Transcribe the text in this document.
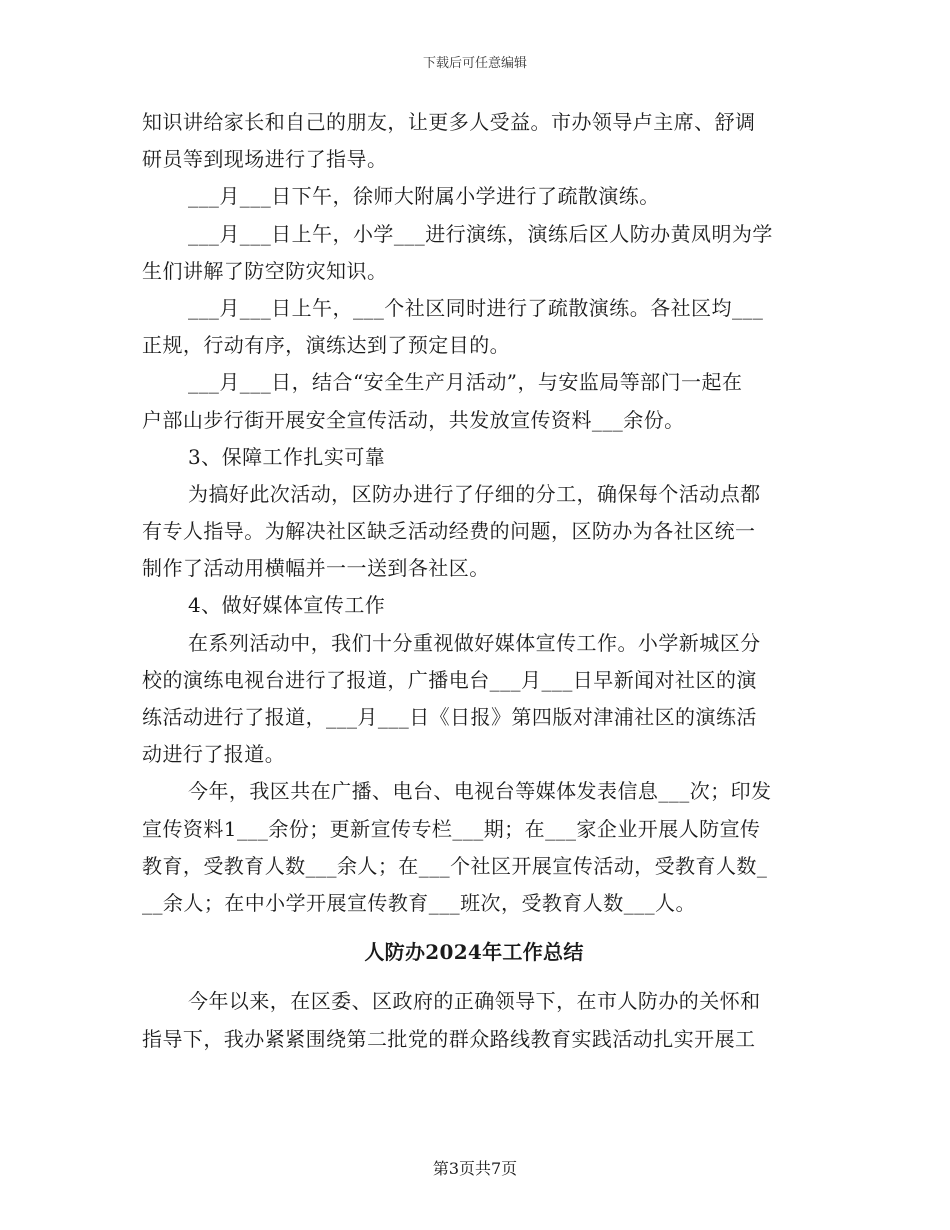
下载后可任意编辑
知识讲给家长和自己的朋友，让更多人受益。市办领导卢主席、舒调
研员等到现场进行了指导。
___月___日下午，徐师大附属小学进行了疏散演练。
___月___日上午，小学___进行演练，演练后区人防办黄凤明为学
生们讲解了防空防灾知识。
___月___日上午，___个社区同时进行了疏散演练。各社区均___
正规，行动有序，演练达到了预定目的。
___月___日，结合“安全生产月活动”，与安监局等部门一起在
户部山步行街开展安全宣传活动，共发放宣传资料___余份。
3、保障工作扎实可靠
为搞好此次活动，区防办进行了仔细的分工，确保每个活动点都
有专人指导。为解决社区缺乏活动经费的问题，区防办为各社区统一
制作了活动用横幅并一一送到各社区。
4、做好媒体宣传工作
在系列活动中，我们十分重视做好媒体宣传工作。小学新城区分
校的演练电视台进行了报道，广播电台___月___日早新闻对社区的演
练活动进行了报道，___月___日《日报》第四版对津浦社区的演练活
动进行了报道。
今年，我区共在广播、电台、电视台等媒体发表信息___次；印发
宣传资料1___余份；更新宣传专栏___期；在___家企业开展人防宣传
教育，受教育人数___余人；在___个社区开展宣传活动，受教育人数_
__余人；在中小学开展宣传教育___班次，受教育人数___人。
人防办2024年工作总结
今年以来，在区委、区政府的正确领导下，在市人防办的关怀和
指导下，我办紧紧围绕第二批党的群众路线教育实践活动扎实开展工
第3页共7页
